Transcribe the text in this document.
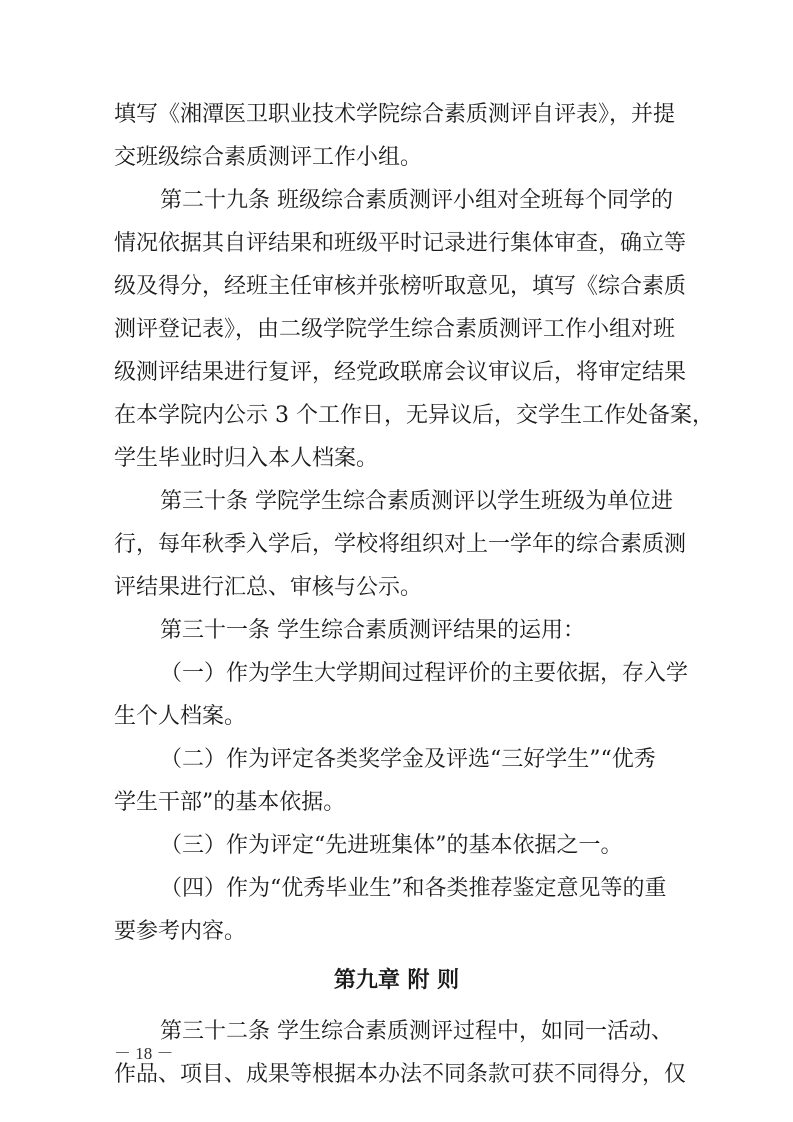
填写《湘潭医卫职业技术学院综合素质测评自评表》，并提
交班级综合素质测评工作小组。
第二十九条 班级综合素质测评小组对全班每个同学的
情况依据其自评结果和班级平时记录进行集体审查，确立等
级及得分，经班主任审核并张榜听取意见，填写《综合素质
测评登记表》，由二级学院学生综合素质测评工作小组对班
级测评结果进行复评，经党政联席会议审议后，将审定结果
在本学院内公示 3 个工作日，无异议后，交学生工作处备案，
学生毕业时归入本人档案。
第三十条 学院学生综合素质测评以学生班级为单位进
行，每年秋季入学后，学校将组织对上一学年的综合素质测
评结果进行汇总、审核与公示。
第三十一条 学生综合素质测评结果的运用：
（一）作为学生大学期间过程评价的主要依据，存入学
生个人档案。
（二）作为评定各类奖学金及评选“三好学生”“优秀
学生干部”的基本依据。
（三）作为评定“先进班集体”的基本依据之一。
（四）作为“优秀毕业生”和各类推荐鉴定意见等的重
要参考内容。
第九章 附 则
第三十二条 学生综合素质测评过程中，如同一活动、
作品、项目、成果等根据本办法不同条款可获不同得分，仅
－ 18 －
